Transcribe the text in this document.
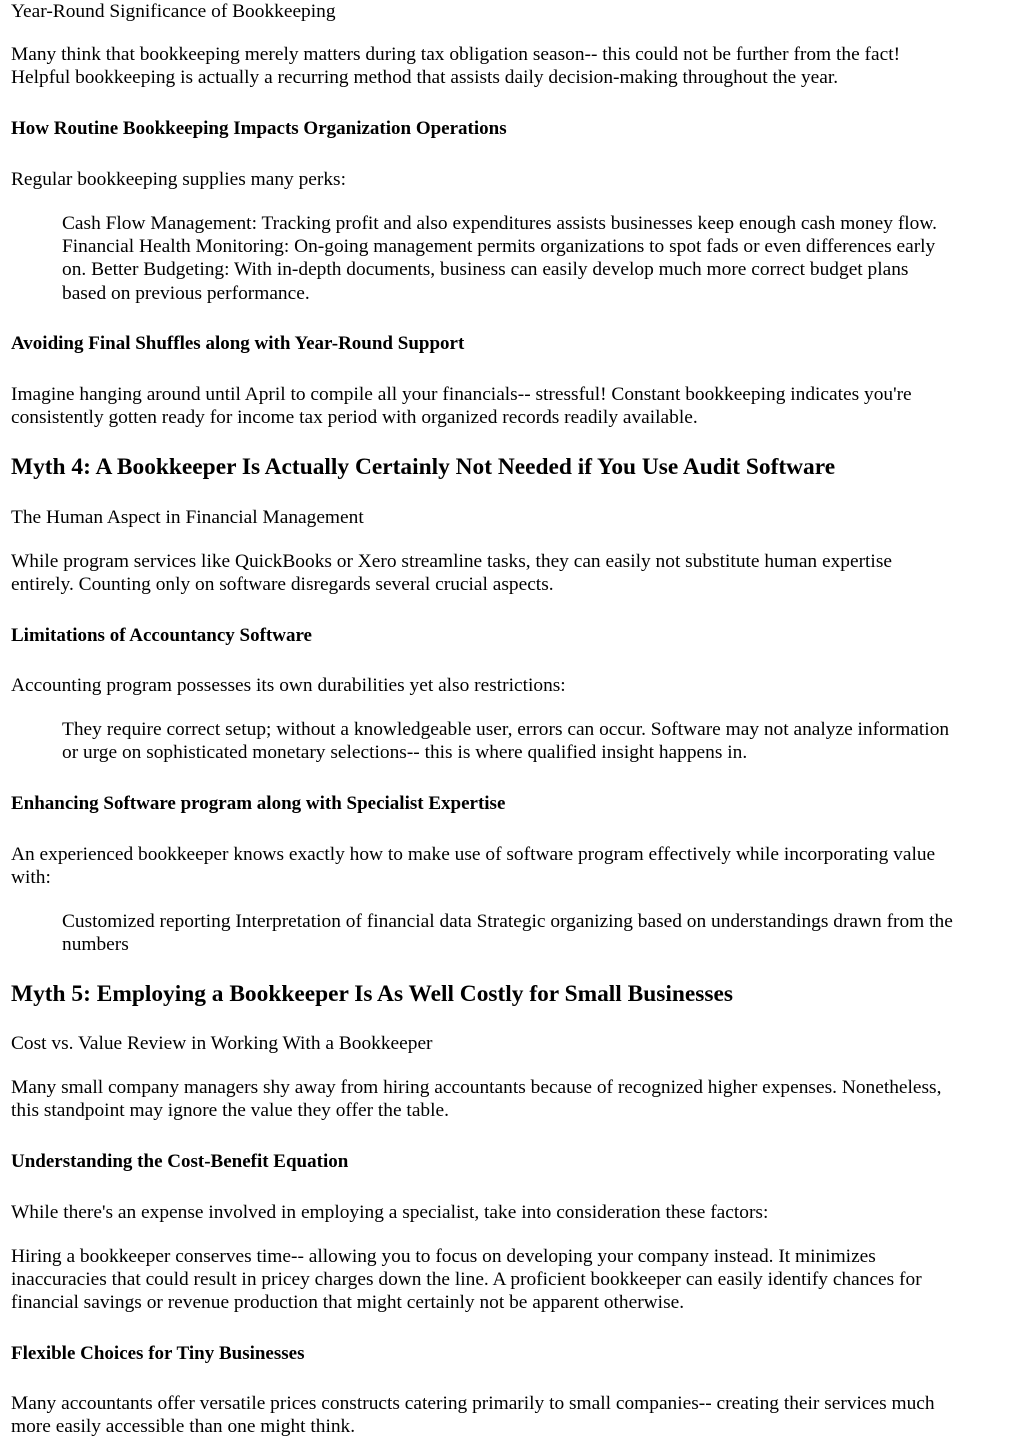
Year-Round Significance of Bookkeeping
Many think that bookkeeping merely matters during tax obligation season-- this could not be further from the fact!
Helpful bookkeeping is actually a recurring method that assists daily decision-making throughout the year.
How Routine Bookkeeping Impacts Organization Operations
Regular bookkeeping supplies many perks:
Cash Flow Management: Tracking profit and also expenditures assists businesses keep enough cash money flow.
Financial Health Monitoring: On-going management permits organizations to spot fads or even differences early
on. Better Budgeting: With in-depth documents, business can easily develop much more correct budget plans
based on previous performance.
Avoiding Final Shuffles along with Year-Round Support
Imagine hanging around until April to compile all your financials-- stressful! Constant bookkeeping indicates you're
consistently gotten ready for income tax period with organized records readily available.
Myth 4: A Bookkeeper Is Actually Certainly Not Needed if You Use Audit Software
The Human Aspect in Financial Management
While program services like QuickBooks or Xero streamline tasks, they can easily not substitute human expertise
entirely. Counting only on software disregards several crucial aspects.
Limitations of Accountancy Software
Accounting program possesses its own durabilities yet also restrictions:
They require correct setup; without a knowledgeable user, errors can occur. Software may not analyze information
or urge on sophisticated monetary selections-- this is where qualified insight happens in.
Enhancing Software program along with Specialist Expertise
An experienced bookkeeper knows exactly how to make use of software program effectively while incorporating value
with:
Customized reporting Interpretation of financial data Strategic organizing based on understandings drawn from the
numbers
Myth 5: Employing a Bookkeeper Is As Well Costly for Small Businesses
Cost vs. Value Review in Working With a Bookkeeper
Many small company managers shy away from hiring accountants because of recognized higher expenses. Nonetheless,
this standpoint may ignore the value they offer the table.
Understanding the Cost-Benefit Equation
While there's an expense involved in employing a specialist, take into consideration these factors:
Hiring a bookkeeper conserves time-- allowing you to focus on developing your company instead. It minimizes
inaccuracies that could result in pricey charges down the line. A proficient bookkeeper can easily identify chances for
financial savings or revenue production that might certainly not be apparent otherwise.
Flexible Choices for Tiny Businesses
Many accountants offer versatile prices constructs catering primarily to small companies-- creating their services much
more easily accessible than one might think.
